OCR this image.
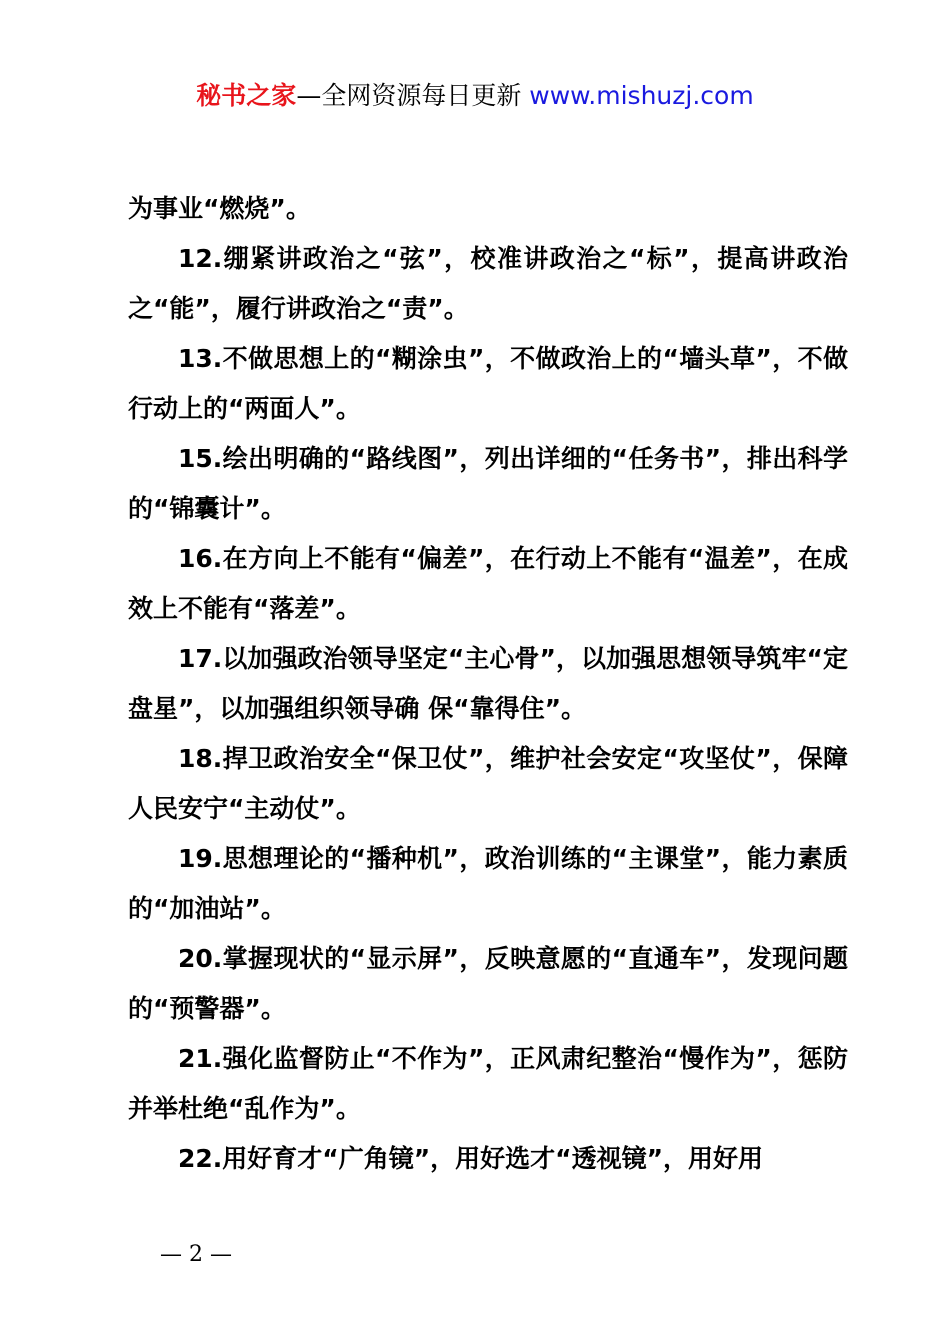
秘书之家—全网资源每日更新 www.mishuzj.com

为事业“燃烧”。

12.绷紧讲政治之“弦”，校准讲政治之“标”，提高讲政治之“能”，履行讲政治之“责”。

13.不做思想上的“糊涂虫”，不做政治上的“墙头草”，不做行动上的“两面人”。

15.绘出明确的“路线图”，列出详细的“任务书”，排出科学的“锦囊计”。

16.在方向上不能有“偏差”，在行动上不能有“温差”，在成效上不能有“落差”。

17.以加强政治领导坚定“主心骨”，以加强思想领导筑牢“定盘星”，以加强组织领导确 保“靠得住”。

18.捍卫政治安全“保卫仗”，维护社会安定“攻坚仗”，保障人民安宁“主动仗”。

19.思想理论的“播种机”，政治训练的“主课堂”，能力素质的“加油站”。

20.掌握现状的“显示屏”，反映意愿的“直通车”，发现问题的“预警器”。

21.强化监督防止“不作为”，正风肃纪整治“慢作为”，惩防并举杜绝“乱作为”。

22.用好育才“广角镜”，用好选才“透视镜”，用好用

— 2 —
